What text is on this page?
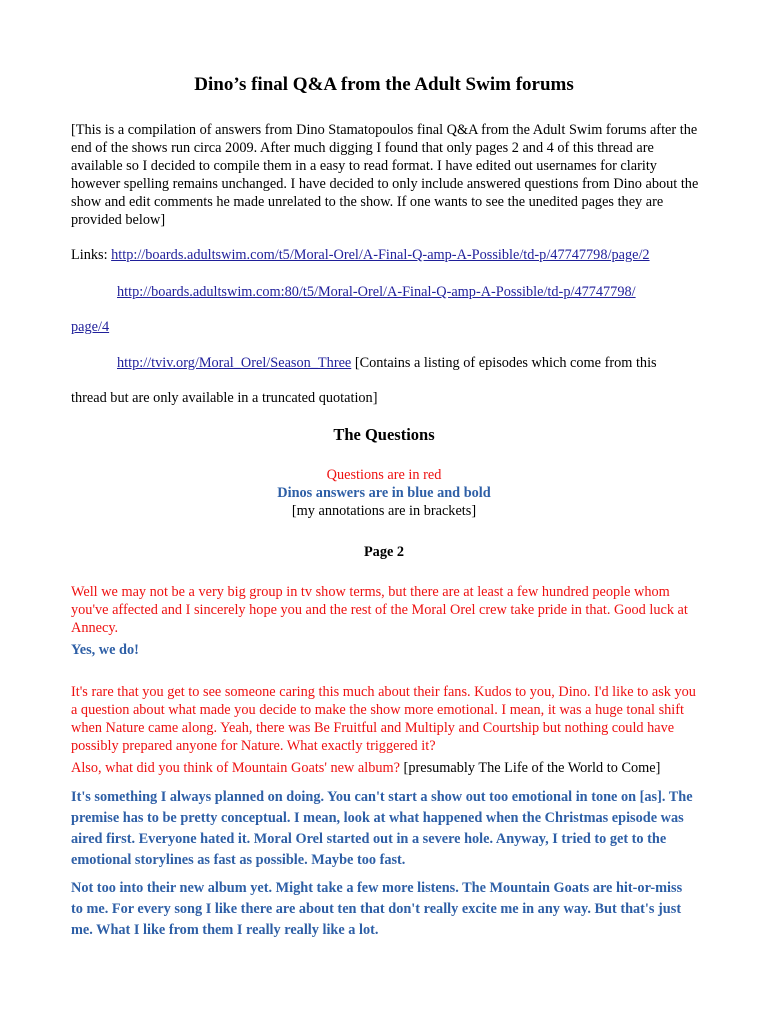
Dino’s final Q&A from the Adult Swim forums
[This is a compilation of answers from Dino Stamatopoulos final Q&A from the Adult Swim forums after the end of the shows run circa 2009. After much digging I found that only pages 2 and 4 of this thread are available so I decided to compile them in a easy to read format. I have edited out usernames for clarity however spelling remains unchanged. I have decided to only include answered questions from Dino about the show and edit comments he made unrelated to the show. If one wants to see the unedited pages they are provided below]
Links: http://boards.adultswim.com/t5/Moral-Orel/A-Final-Q-amp-A-Possible/td-p/47747798/page/2
http://boards.adultswim.com:80/t5/Moral-Orel/A-Final-Q-amp-A-Possible/td-p/47747798/
page/4
http://tviv.org/Moral_Orel/Season_Three [Contains a listing of episodes which come from this
thread but are only available in a truncated quotation]
The Questions
Questions are in red
Dinos answers are in blue and bold
[my annotations are in brackets]
Page 2
Well we may not be a very big group in tv show terms, but there are at least a few hundred people whom you've affected and I sincerely hope you and the rest of the Moral Orel crew take pride in that. Good luck at Annecy.
Yes, we do!
It's rare that you get to see someone caring this much about their fans. Kudos to you, Dino. I'd like to ask you a question about what made you decide to make the show more emotional. I mean, it was a huge tonal shift when Nature came along. Yeah, there was Be Fruitful and Multiply and Courtship but nothing could have possibly prepared anyone for Nature. What exactly triggered it?
Also, what did you think of Mountain Goats' new album? [presumably The Life of the World to Come]
It's something I always planned on doing. You can't start a show out too emotional in tone on [as]. The premise has to be pretty conceptual. I mean, look at what happened when the Christmas episode was aired first. Everyone hated it. Moral Orel started out in a severe hole. Anyway, I tried to get to the emotional storylines as fast as possible. Maybe too fast.
Not too into their new album yet. Might take a few more listens. The Mountain Goats are hit-or-miss to me. For every song I like there are about ten that don't really excite me in any way. But that's just me. What I like from them I really really like a lot.
